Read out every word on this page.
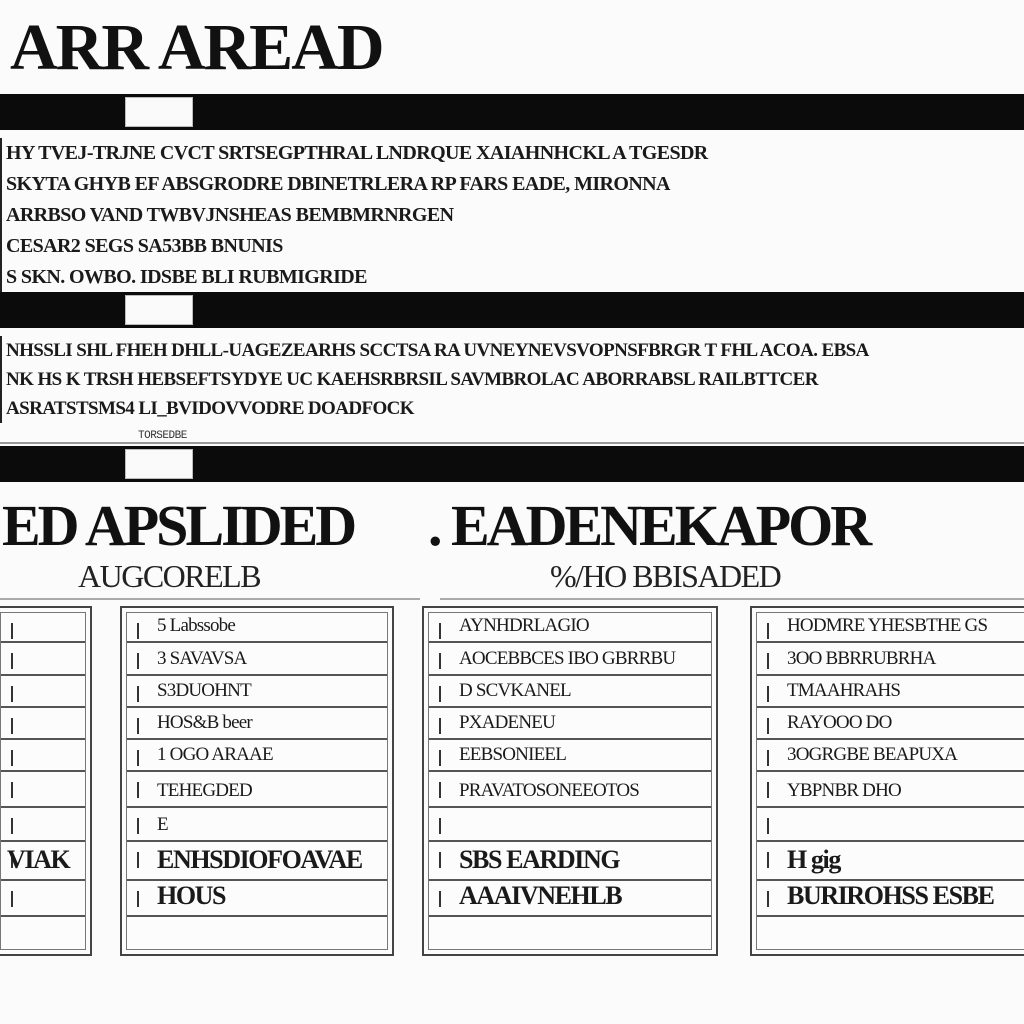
ARR AREAD
HY TVEJ-TRJNE CVCT SRTSEGPTHRAL LNDRQUE XAIAHNHCKL A TGESDR
SKYTA GHYB EF ABSGRODRE DBINETRLERA RP FARS EADE, MIRONNA
ARRBSO VAND TWBVJNSHEAS BEMBMRNRGEN
CESAR2 SEGS SA53BB BNUNIS
S SKN. OWBO. IDSBE BLI RUBMIGRIDE
NHSSLI SHL FHEH DHLL-UAGEZEARHS SCCTSA RA UVNEYNEVSVOPNSFBRGR T FHL ACOA. EBSA
NK HS K TRSH HEBSEFTSYDYE UC KAEHSRBRSIL SAVMBROLAC ABORRABSL RAILBTTCER
ASRATSTSMS4 LI_BVIDOVVODRE DOADFOCK
TORSEDBE
ED APSLIDED . EADENEKAPOR
AUGCORELB	%/HO BBISADED
VIAK
5 Labssobe
3 SAVAVSA
S3DUOHNT
HOS&B beer
1 OGO ARAAE
TEHEGDED
E
ENHSDIOFOAVAE
HOUS
AYNHDRLAGIO
AOCEBBCES IBO GBRRBU
D SCVKANEL
PXADENEU
EEBSONIEEL
PRAVATOSONEEOTOS
SBS EARDING
AAAIVNEHLB
HODMRE YHESBTHE GS
3OO BBRRUBRHA
TMAAHRAHS
RAYOOO DO
3OGRGBE BEAPUXA
YBPNBR DHO
H gig
BURIROHSS ESBE
